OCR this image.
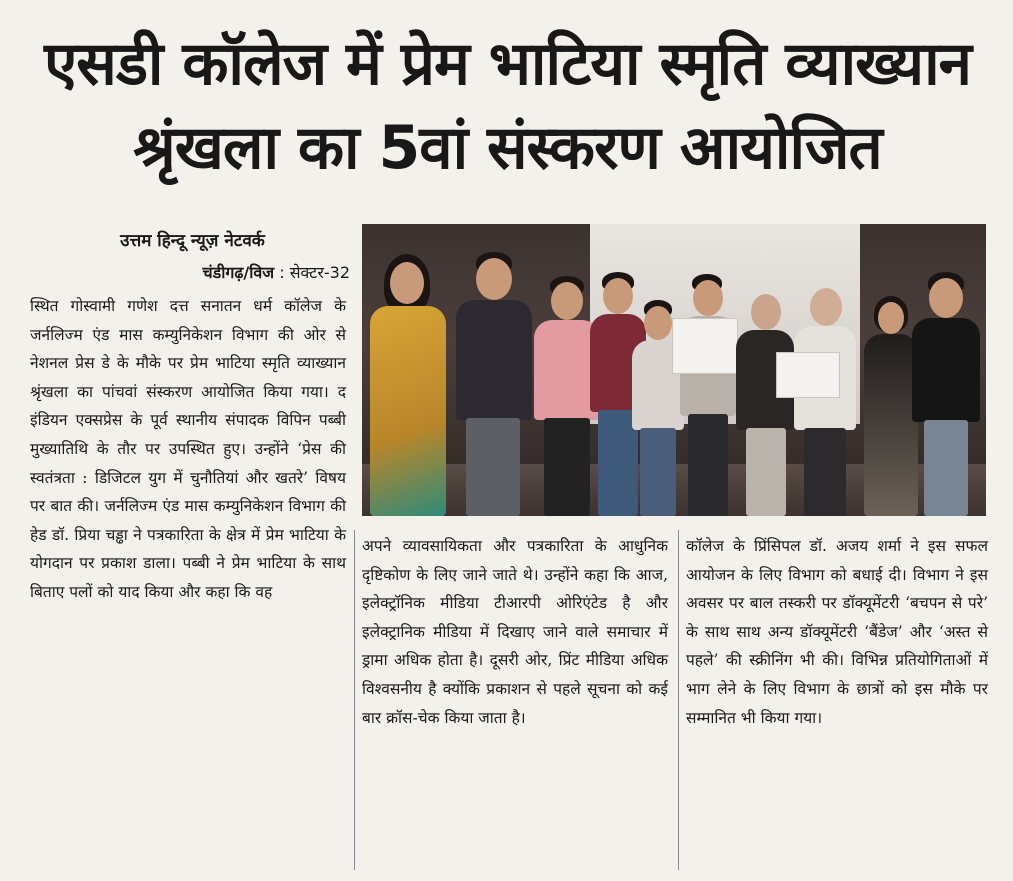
एसडी कॉलेज में प्रेम भाटिया स्मृति व्याख्यान
श्रृंखला का 5वां संस्करण आयोजित
उत्तम हिन्दू न्यूज़ नेटवर्क
चंडीगढ़/विज : सेक्टर-32

स्थित गोस्वामी गणेश दत्त सनातन धर्म कॉलेज के जर्नलिज्म एंड मास कम्युनिकेशन विभाग की ओर से नेशनल प्रेस डे के मौके पर प्रेम भाटिया स्मृति व्याख्यान श्रृंखला का पांचवां संस्करण आयोजित किया गया। द इंडियन एक्सप्रेस के पूर्व स्थानीय संपादक विपिन पब्बी मुख्यातिथि के तौर पर उपस्थित हुए। उन्होंने ‘प्रेस की स्वतंत्रता : डिजिटल युग में चुनौतियां और खतरे’ विषय पर बात की। जर्नलिज्म एंड मास कम्युनिकेशन विभाग की हेड डॉ. प्रिया चड्ढा ने पत्रकारिता के क्षेत्र में प्रेम भाटिया के योगदान पर प्रकाश डाला। पब्बी ने प्रेम भाटिया के साथ बिताए पलों को याद किया और कहा कि वह

अपने व्यावसायिकता और पत्रकारिता के आधुनिक दृष्टिकोण के लिए जाने जाते थे। उन्होंने कहा कि आज, इलेक्ट्रॉनिक मीडिया टीआरपी ओरिएंटेड है और इलेक्ट्रानिक मीडिया में दिखाए जाने वाले समाचार में ड्रामा अधिक होता है। दूसरी ओर, प्रिंट मीडिया अधिक विश्वसनीय है क्योंकि प्रकाशन से पहले सूचना को कई बार क्रॉस-चेक किया जाता है।

कॉलेज के प्रिंसिपल डॉ. अजय शर्मा ने इस सफल आयोजन के लिए विभाग को बधाई दी। विभाग ने इस अवसर पर बाल तस्करी पर डॉक्यूमेंटरी ‘बचपन से परे’ के साथ साथ अन्य डॉक्यूमेंटरी ‘बैंडेज’ और ‘अस्त से पहले’ की स्क्रीनिंग भी की। विभिन्न प्रतियोगिताओं में भाग लेने के लिए विभाग के छात्रों को इस मौके पर सम्मानित भी किया गया।
